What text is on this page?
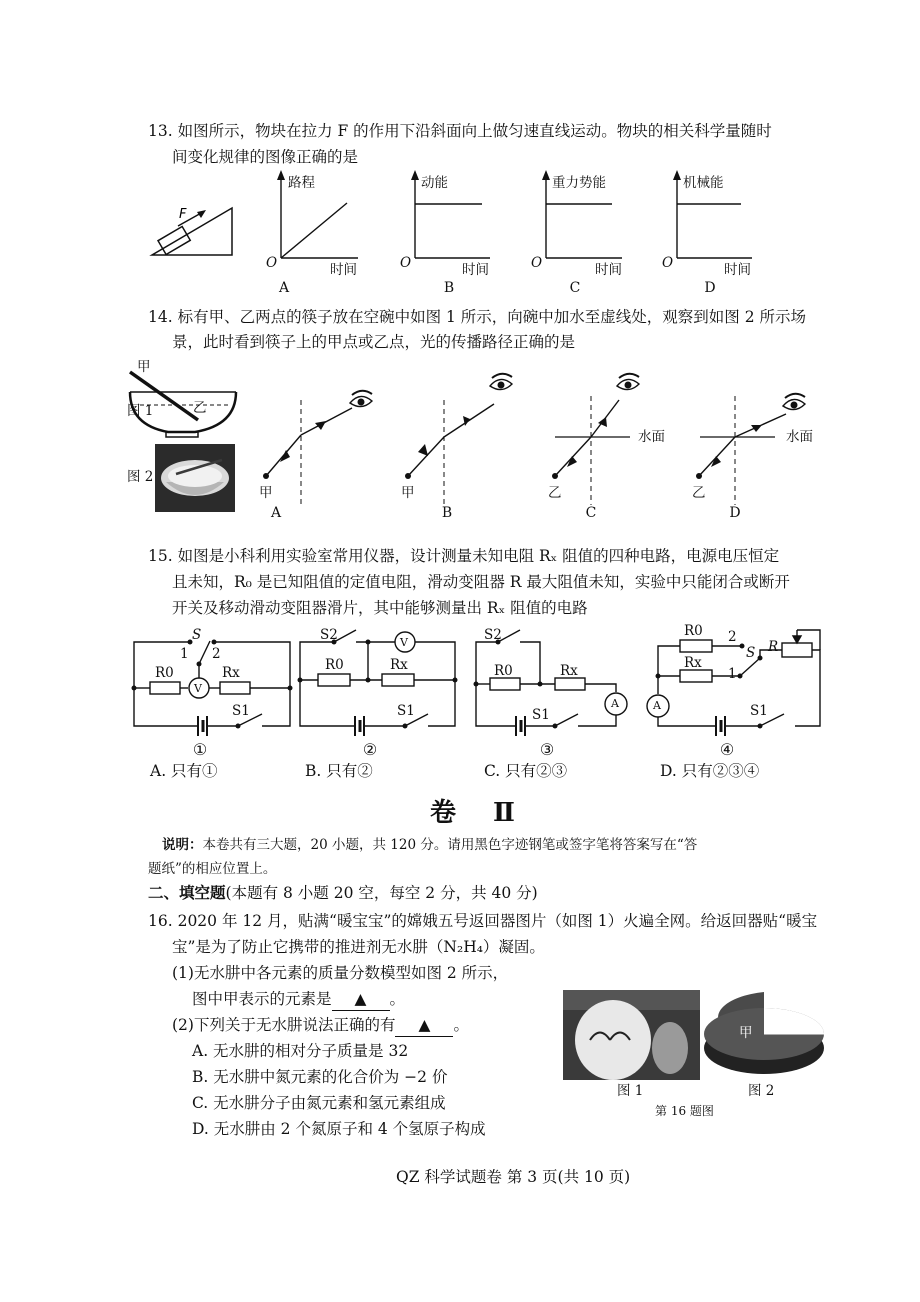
13. 如图所示，物块在拉力 F 的作用下沿斜面向上做匀速直线运动。物块的相关科学量随时
间变化规律的图像正确的是
F
路程	动能	重力势能	机械能
O	O	O	O
时间	时间	时间	时间
A	B	C	D
14. 标有甲、乙两点的筷子放在空碗中如图 1 所示，向碗中加水至虚线处，观察到如图 2 所示场
景，此时看到筷子上的甲点或乙点，光的传播路径正确的是
甲
乙
图 1
图 2
甲	甲	乙	乙
水面	水面
A	B	C	D
15. 如图是小科利用实验室常用仪器，设计测量未知电阻 Rₓ 阻值的四种电路，电源电压恒定
且未知，R₀ 是已知阻值的定值电阻，滑动变阻器 R 最大阻值未知，实验中只能闭合或断开
开关及移动滑动变阻器滑片，其中能够测量出 Rₓ 阻值的电路
S
1 2
R0	Rx
V
S1
S2	V
R0	Rx
S1
S2
R0	Rx
S1
A
R0 2
S R
Rx
1
S1
A
①	②	③	④
A. 只有①	B. 只有②	C. 只有②③	D. 只有②③④
卷 Ⅱ
说明：本卷共有三大题，20 小题，共 120 分。请用黑色字迹钢笔或签字笔将答案写在“答
题纸”的相应位置上。
二、填空题(本题有 8 小题 20 空，每空 2 分，共 40 分)
16. 2020 年 12 月，贴满“暖宝宝”的嫦娥五号返回器图片（如图 1）火遍全网。给返回器贴“暖宝
宝”是为了防止它携带的推进剂无水肼（N₂H₄）凝固。
(1)无水肼中各元素的质量分数模型如图 2 所示，
图中甲表示的元素是 ▲ 。
(2)下列关于无水肼说法正确的有 ▲ 。
A. 无水肼的相对分子质量是 32
B. 无水肼中氮元素的化合价为 −2 价
C. 无水肼分子由氮元素和氢元素组成
D. 无水肼由 2 个氮原子和 4 个氢原子构成
乙
甲
图 1	图 2
第 16 题图
QZ 科学试题卷 第 3 页(共 10 页)
